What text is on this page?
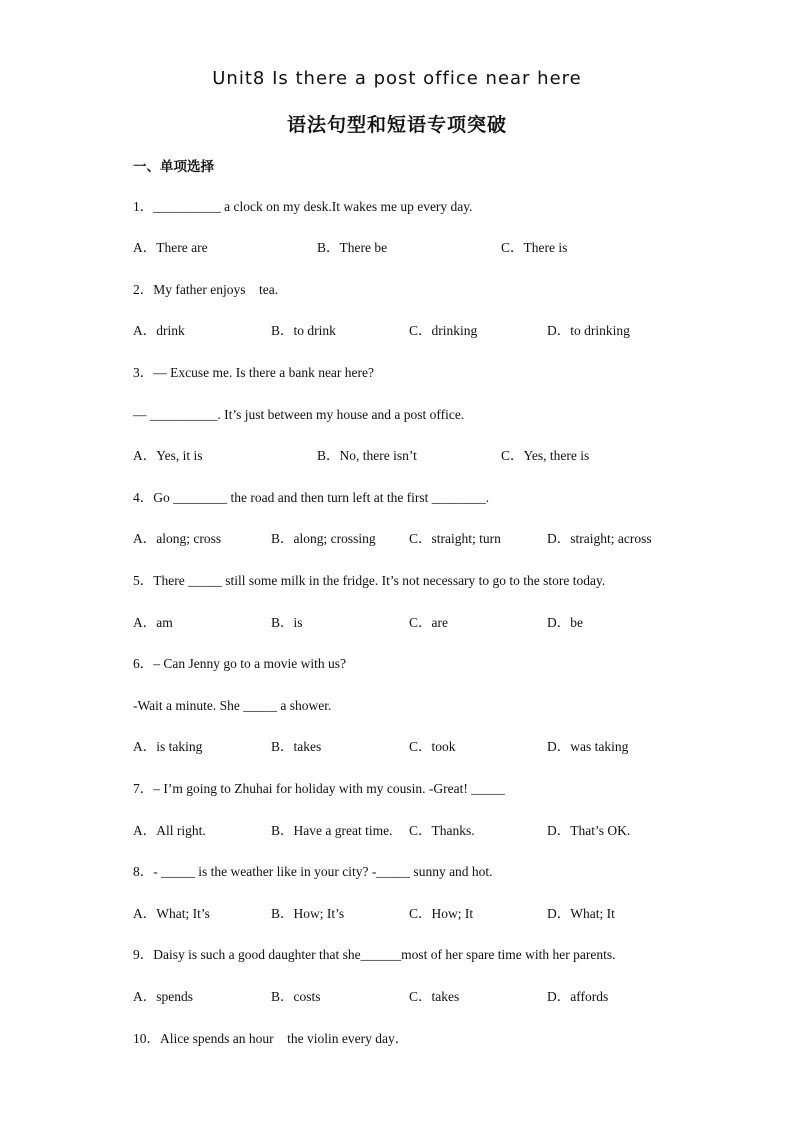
Unit8 Is there a post office near here
语法句型和短语专项突破
一、单项选择
1．__________ a clock on my desk.It wakes me up every day.
A．There are	B．There be	C．There is
2．My father enjoys    tea.
A．drink	B．to drink	C．drinking	D．to drinking
3．— Excuse me. Is there a bank near here?
— __________. It’s just between my house and a post office.
A．Yes, it is	B．No, there isn’t	C．Yes, there is
4．Go ________ the road and then turn left at the first ________.
A．along; cross	B．along; crossing C．straight; turn	D．straight; across
5．There _____ still some milk in the fridge. It’s not necessary to go to the store today.
A．am	B．is	C．are	D．be
6．– Can Jenny go to a movie with us?
-Wait a minute. She _____ a shower.
A．is taking	B．takes	C．took	D．was taking
7．– I’m going to Zhuhai for holiday with my cousin. -Great! _____
A．All right.	B．Have a great time. C．Thanks.	D．That’s OK.
8．- _____ is the weather like in your city? -_____ sunny and hot.
A．What; It’s	B．How; It’s	C．How; It	D．What; It
9．Daisy is such a good daughter that she______most of her spare time with her parents.
A．spends	B．costs	C．takes	D．affords
10．Alice spends an hour    the violin every day．
